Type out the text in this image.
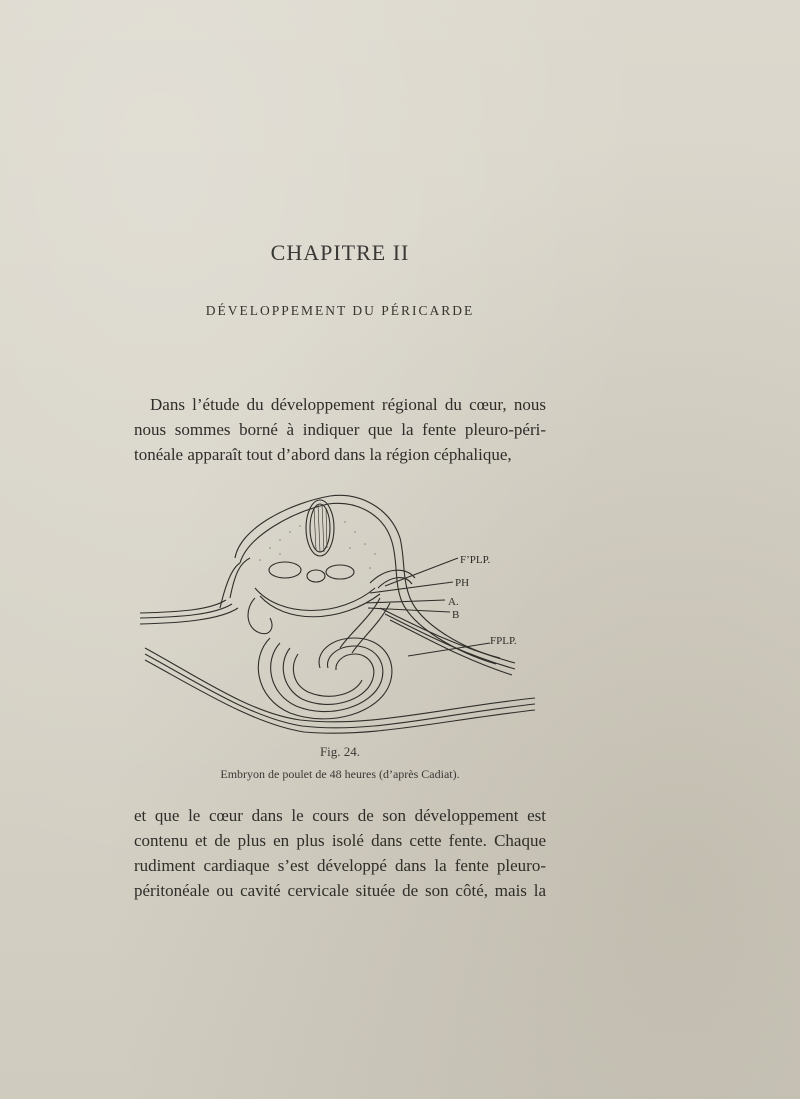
CHAPITRE II
DÉVELOPPEMENT DU PÉRICARDE
Dans l’étude du développement régional du cœur, nous
nous sommes borné à indiquer que la fente pleuro-péri-
tonéale apparaît tout d’abord dans la région céphalique,
F’PLP.
PH
A.
B
FPLP.
Fig. 24.
Embryon de poulet de 48 heures (d’après Cadiat).
et que le cœur dans le cours de son développement est
contenu et de plus en plus isolé dans cette fente. Chaque
rudiment cardiaque s’est développé dans la fente pleuro-
péritonéale ou cavité cervicale située de son côté, mais la
